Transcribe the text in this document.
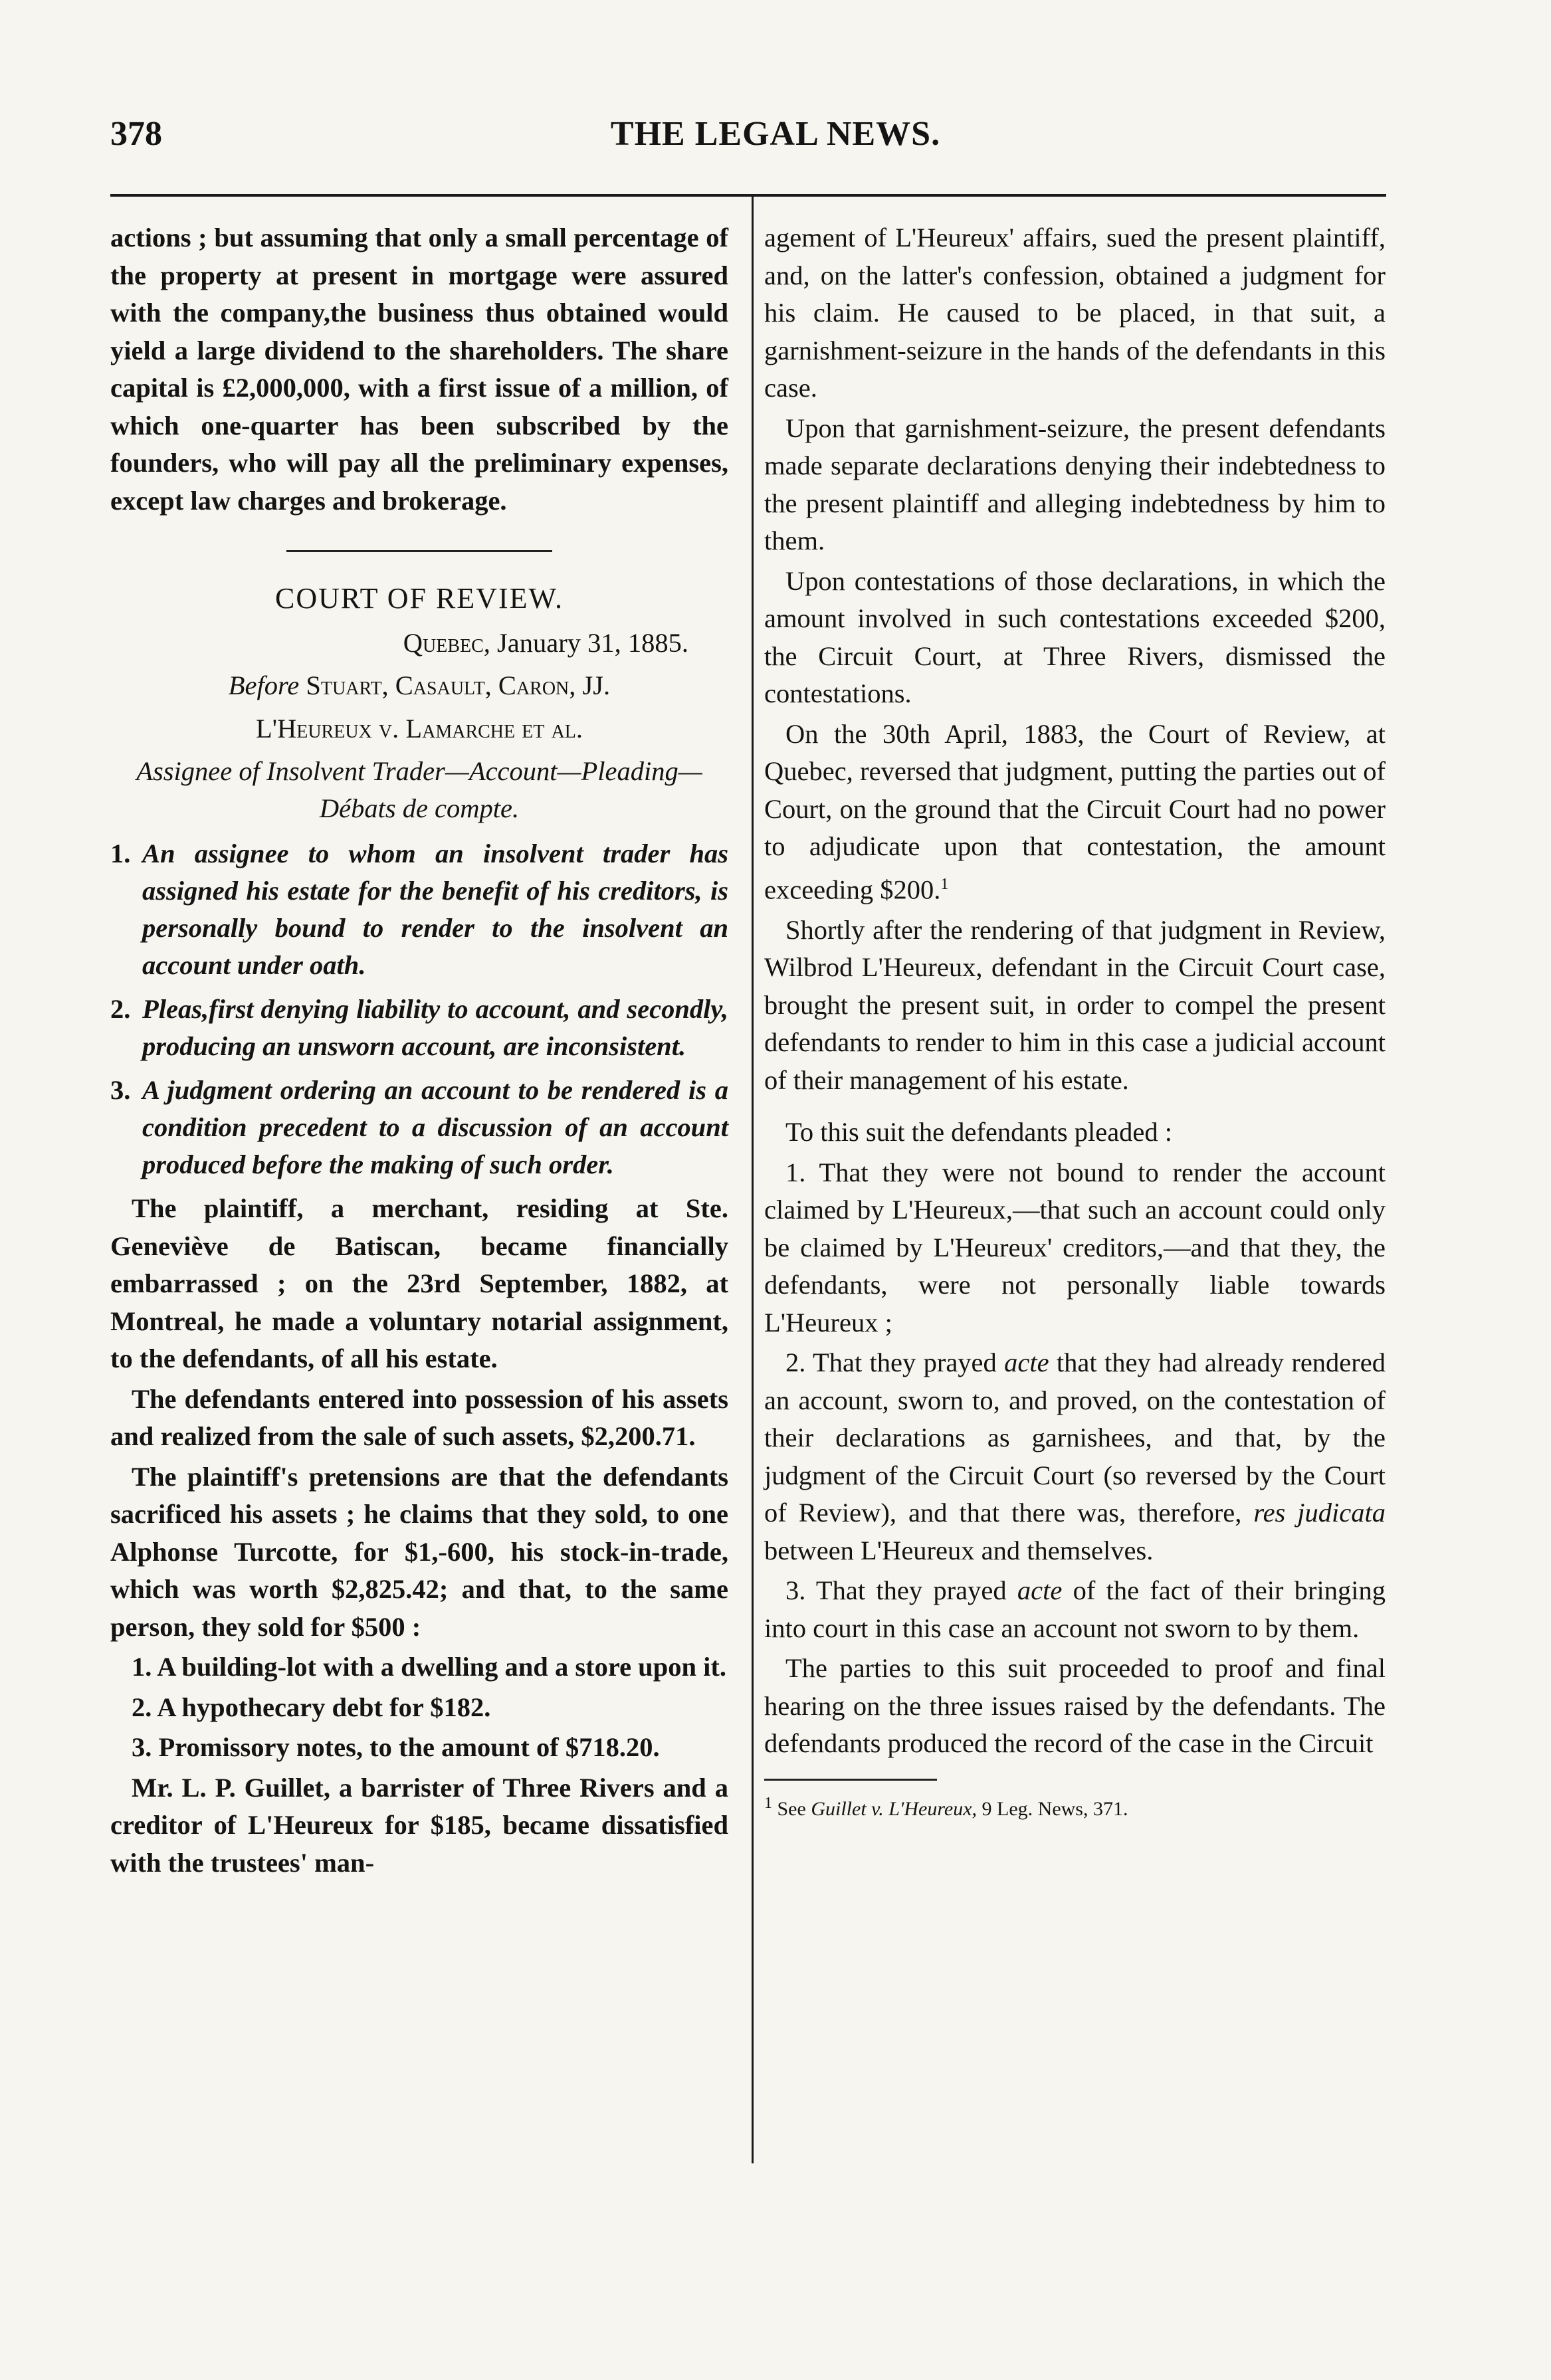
378	THE LEGAL NEWS.

actions ; but assuming that only a small percentage of the property at present in mortgage were assured with the company,the business thus obtained would yield a large dividend to the shareholders. The share capital is £2,000,000, with a first issue of a million, of which one-quarter has been subscribed by the founders, who will pay all the preliminary expenses, except law charges and brokerage.

COURT OF REVIEW.
Quebec, January 31, 1885.
Before Stuart, Casault, Caron, JJ.
L'Heureux v. Lamarche et al.
Assignee of Insolvent Trader—Account—Pleading—Débats de compte.
1. An assignee to whom an insolvent trader has assigned his estate for the benefit of his creditors, is personally bound to render to the insolvent an account under oath.
2. Pleas,first denying liability to account, and secondly, producing an unsworn account, are inconsistent.
3. A judgment ordering an account to be rendered is a condition precedent to a discussion of an account produced before the making of such order.

The plaintiff, a merchant, residing at Ste. Geneviève de Batiscan, became financially embarrassed ; on the 23rd September, 1882, at Montreal, he made a voluntary notarial assignment, to the defendants, of all his estate.

The defendants entered into possession of his assets and realized from the sale of such assets, $2,200.71.

The plaintiff's pretensions are that the defendants sacrificed his assets ; he claims that they sold, to one Alphonse Turcotte, for $1,-600, his stock-in-trade, which was worth $2,825.42; and that, to the same person, they sold for $500 :

1. A building-lot with a dwelling and a store upon it.

2. A hypothecary debt for $182.

3. Promissory notes, to the amount of $718.20.

Mr. L. P. Guillet, a barrister of Three Rivers and a creditor of L'Heureux for $185, became dissatisfied with the trustees' man-

agement of L'Heureux' affairs, sued the present plaintiff, and, on the latter's confession, obtained a judgment for his claim. He caused to be placed, in that suit, a garnishment-seizure in the hands of the defendants in this case.

Upon that garnishment-seizure, the present defendants made separate declarations denying their indebtedness to the present plaintiff and alleging indebtedness by him to them.

Upon contestations of those declarations, in which the amount involved in such contestations exceeded $200, the Circuit Court, at Three Rivers, dismissed the contestations.

On the 30th April, 1883, the Court of Review, at Quebec, reversed that judgment, putting the parties out of Court, on the ground that the Circuit Court had no power to adjudicate upon that contestation, the amount exceeding $200.$^1$

Shortly after the rendering of that judgment in Review, Wilbrod L'Heureux, defendant in the Circuit Court case, brought the present suit, in order to compel the present defendants to render to him in this case a judicial account of their management of his estate.

To this suit the defendants pleaded :

1. That they were not bound to render the account claimed by L'Heureux,—that such an account could only be claimed by L'Heureux' creditors,—and that they, the defendants, were not personally liable towards L'Heureux ;

2. That they prayed acte that they had already rendered an account, sworn to, and proved, on the contestation of their declarations as garnishees, and that, by the judgment of the Circuit Court (so reversed by the Court of Review), and that there was, therefore, res judicata between L'Heureux and themselves.

3. That they prayed acte of the fact of their bringing into court in this case an account not sworn to by them.

The parties to this suit proceeded to proof and final hearing on the three issues raised by the defendants. The defendants produced the record of the case in the Circuit

$^1$ See Guillet v. L'Heureux, 9 Leg. News, 371.
